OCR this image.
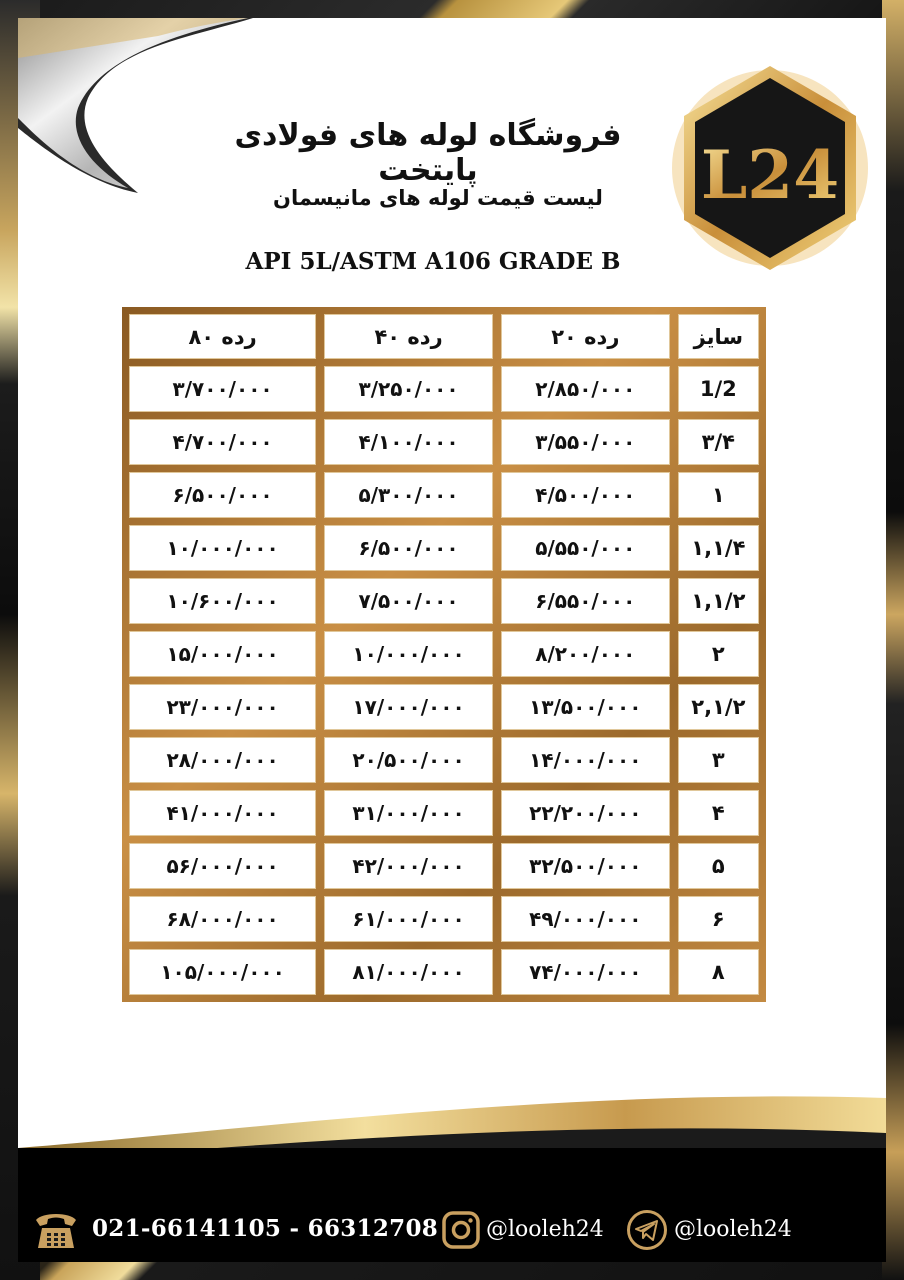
L24
فروشگاه لوله های فولادی پایتخت
لیست قیمت لوله های مانیسمان
API 5L/ASTM A106 GRADE B
سایز	رده ۲۰	رده ۴۰	رده ۸۰
1/2	۲/۸۵۰/۰۰۰	۳/۲۵۰/۰۰۰	۳/۷۰۰/۰۰۰
۳/۴	۳/۵۵۰/۰۰۰	۴/۱۰۰/۰۰۰	۴/۷۰۰/۰۰۰
۱	۴/۵۰۰/۰۰۰	۵/۳۰۰/۰۰۰	۶/۵۰۰/۰۰۰
۱,۱/۴	۵/۵۵۰/۰۰۰	۶/۵۰۰/۰۰۰	۱۰/۰۰۰/۰۰۰
۱,۱/۲	۶/۵۵۰/۰۰۰	۷/۵۰۰/۰۰۰	۱۰/۶۰۰/۰۰۰
۲	۸/۲۰۰/۰۰۰	۱۰/۰۰۰/۰۰۰	۱۵/۰۰۰/۰۰۰
۲,۱/۲	۱۳/۵۰۰/۰۰۰	۱۷/۰۰۰/۰۰۰	۲۳/۰۰۰/۰۰۰
۳	۱۴/۰۰۰/۰۰۰	۲۰/۵۰۰/۰۰۰	۲۸/۰۰۰/۰۰۰
۴	۲۲/۲۰۰/۰۰۰	۳۱/۰۰۰/۰۰۰	۴۱/۰۰۰/۰۰۰
۵	۳۲/۵۰۰/۰۰۰	۴۲/۰۰۰/۰۰۰	۵۶/۰۰۰/۰۰۰
۶	۴۹/۰۰۰/۰۰۰	۶۱/۰۰۰/۰۰۰	۶۸/۰۰۰/۰۰۰
۸	۷۴/۰۰۰/۰۰۰	۸۱/۰۰۰/۰۰۰	۱۰۵/۰۰۰/۰۰۰
021-66141105 - 66312708 @looleh24	@looleh24
